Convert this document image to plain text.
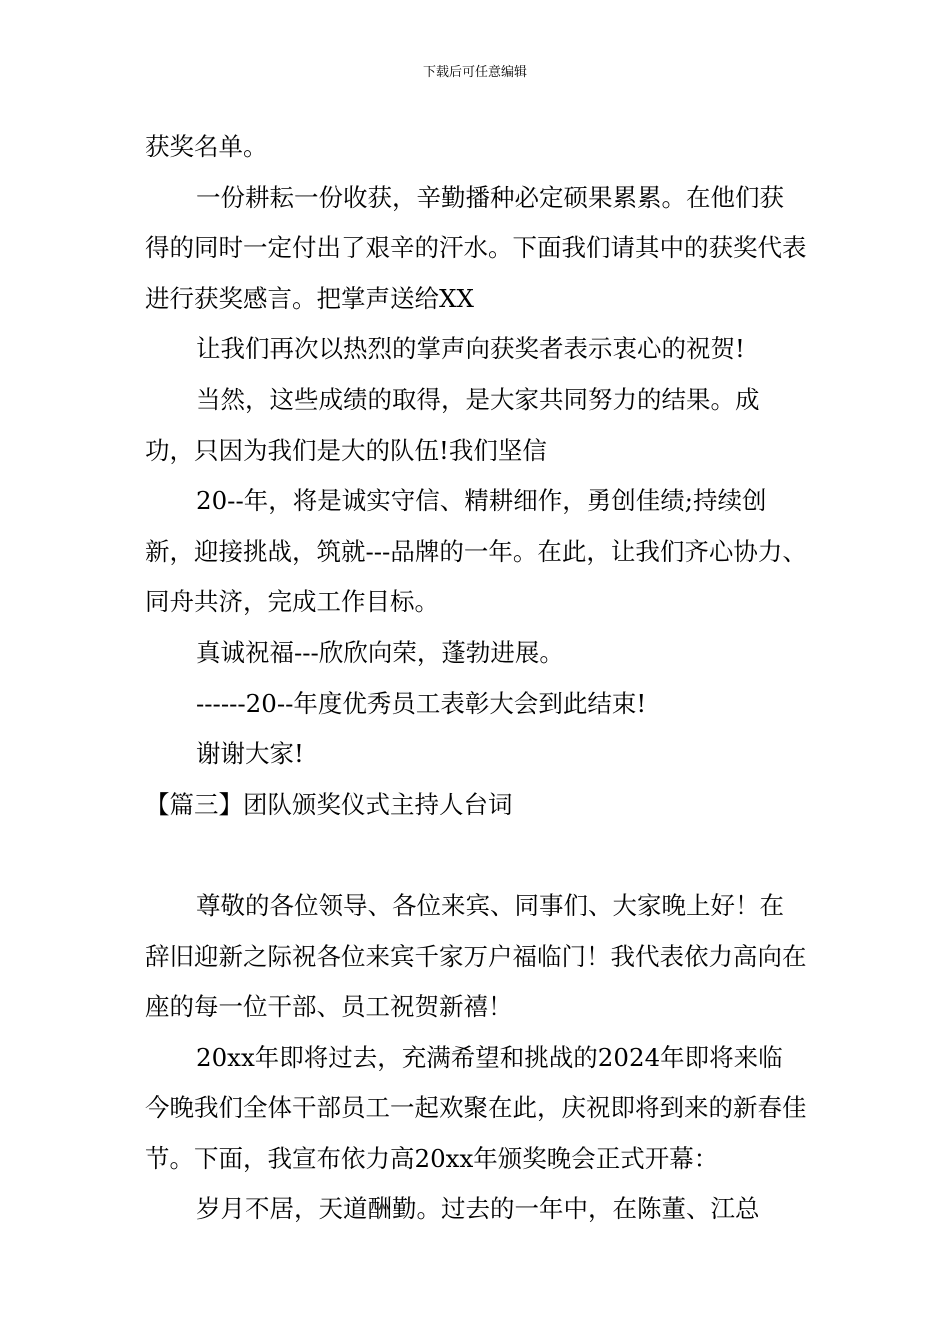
下载后可任意编辑

获奖名单。

一份耕耘一份收获，辛勤播种必定硕果累累。在他们获得的同时一定付出了艰辛的汗水。下面我们请其中的获奖代表进行获奖感言。把掌声送给XX

让我们再次以热烈的掌声向获奖者表示衷心的祝贺!

当然，这些成绩的取得，是大家共同努力的结果。成功，只因为我们是大的队伍!我们坚信

20--年，将是诚实守信、精耕细作，勇创佳绩;持续创新，迎接挑战，筑就---品牌的一年。在此，让我们齐心协力、同舟共济，完成工作目标。

真诚祝福---欣欣向荣，蓬勃进展。

------20--年度优秀员工表彰大会到此结束!

谢谢大家!

【篇三】团队颁奖仪式主持人台词

尊敬的各位领导、各位来宾、同事们、大家晚上好！在辞旧迎新之际祝各位来宾千家万户福临门！我代表依力高向在座的每一位干部、员工祝贺新禧！

20xx年即将过去，充满希望和挑战的2024年即将来临今晚我们全体干部员工一起欢聚在此，庆祝即将到来的新春佳节。下面，我宣布依力高20xx年颁奖晚会正式开幕：

岁月不居，天道酬勤。过去的一年中，在陈董、江总
